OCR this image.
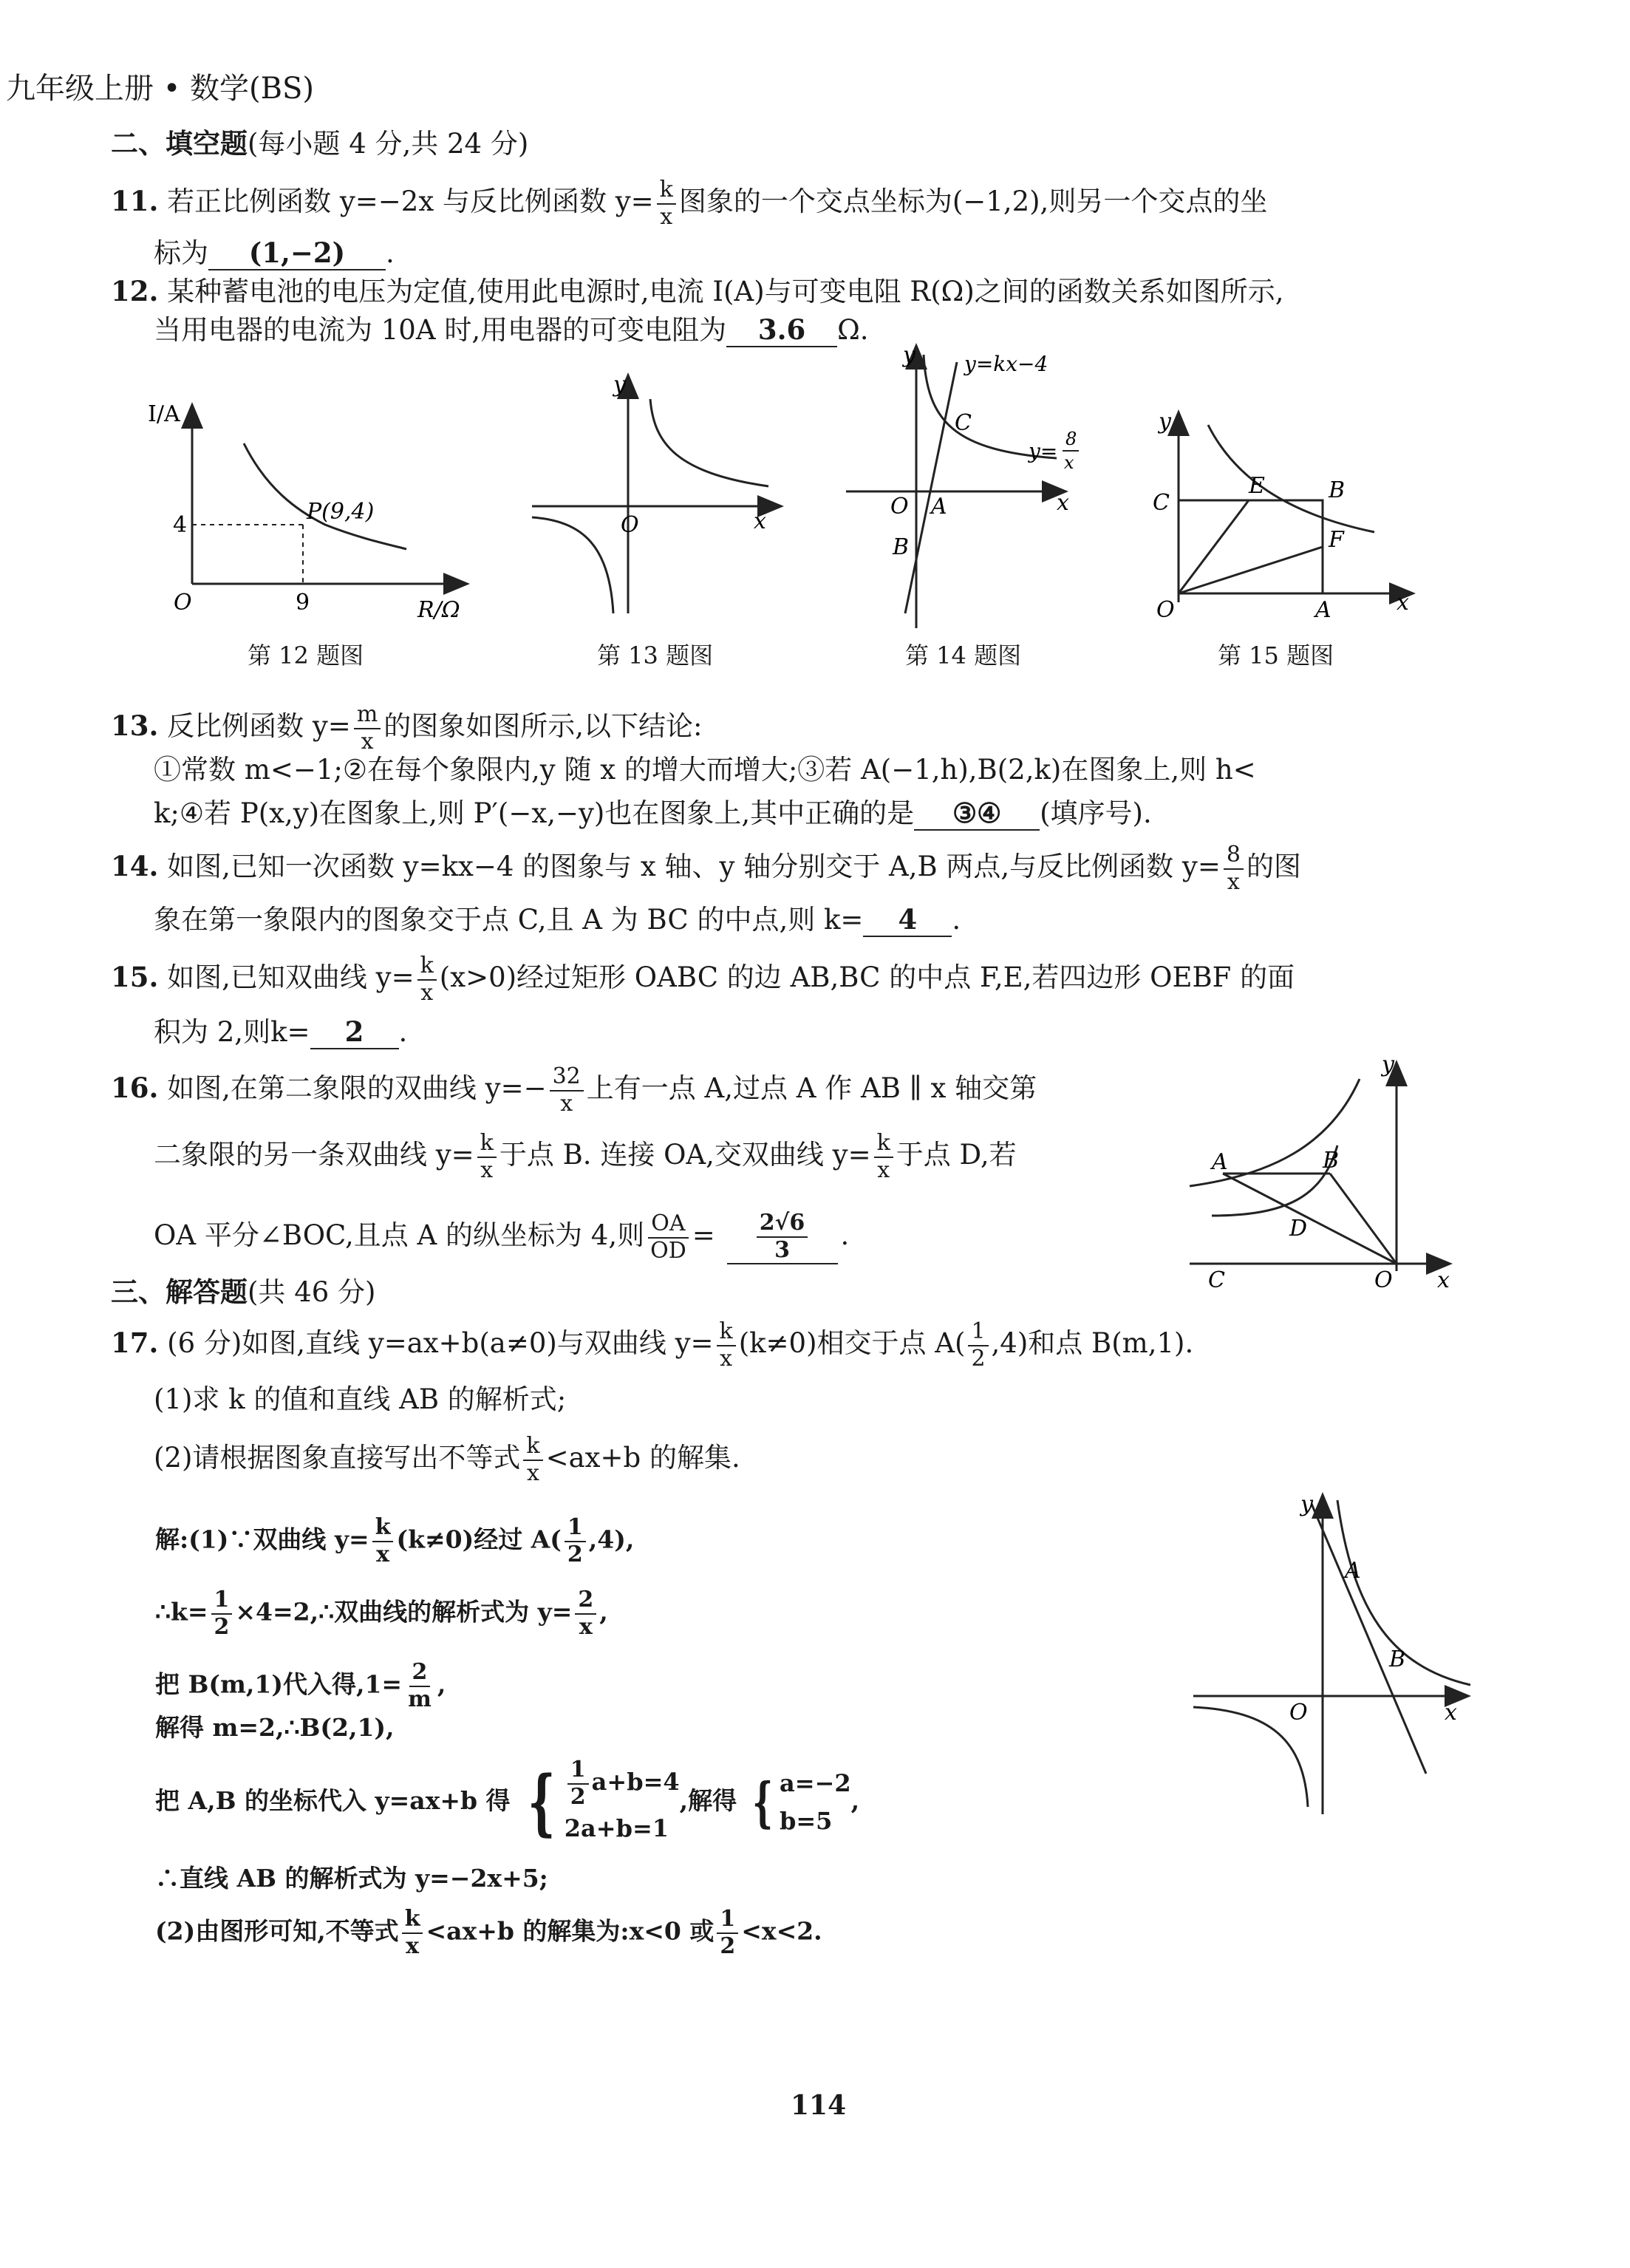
九年级上册 • 数学(BS)
二、填空题(每小题 4 分,共 24 分)
11. 若正比例函数 y=−2x 与反比例函数 $y= \frac{k}{x}$ 图象的一个交点坐标为(−1,2),则另一个交点的坐
标为 (1,−2) .
12. 某种蓄电池的电压为定值,使用此电源时,电流 I(A)与可变电阻 R(Ω)之间的函数关系如图所示,
当用电器的电流为 10A 时,用电器的可变电阻为 3.6 Ω.
I/A
R/Ω
O
P(9,4)
4
9
第 12 题图
y
x
O
第 13 题图
y
x
O A
B
C
y=kx−4
y= 8
x
第 14 题图
y
x
O	A
B
C
E
F
第 15 题图
13. 反比例函数 $y= \frac{m}{x}$ 的图象如图所示,以下结论:
①常数 m<−1;②在每个象限内,y 随 x 的增大而增大;③若 A(−1,h),B(2,k)在图象上,则 h<
k;④若 P(x,y)在图象上,则 P′(−x,−y)也在图象上,其中正确的是 ③④ (填序号).
14. 如图,已知一次函数 y=kx−4 的图象与 x 轴、y 轴分别交于 A,B 两点,与反比例函数 $y= \frac{8}{x}$ 的图
象在第一象限内的图象交于点 C,且 A 为 BC 的中点,则 k= 4 .
15. 如图,已知双曲线 $y= \frac{k}{x} (x>0)$经过矩形 OABC 的边 AB,BC 的中点 F,E,若四边形 OEBF 的面
积为 2,则k= 2 .
16. 如图,在第二象限的双曲线 $y=- \frac{32}{x}$ 上有一点 A,过点 A 作 AB ∥ x 轴交第
二象限的另一条双曲线 $y= \frac{k}{x}$ 于点 B. 连接 OA,交双曲线 $y= \frac{k}{x}$ 于点 D,若
OA 平分∠BOC,且点 A 的纵坐标为 4,则 $\frac{OA}{OD} = \frac{2√6}{3}$ .
y
x
O
A	B
C
D
三、解答题(共 46 分)
17. (6 分)如图,直线 y=ax+b(a≠0)与双曲线 $y= \frac{k}{x} (k\ne 0)$相交于点 $A( \frac{1}{2} ,4)$和点 B(m,1).
(1)求 k 的值和直线 AB 的解析式;
(2)请根据图象直接写出不等式 $\frac{k}{x} <ax+b$ 的解集.
解:(1)∵双曲线 $y= \frac{k}{x} (k\ne 0)$经过 $A( \frac{1}{2} ,4)$,
∴k= $\frac{1}{2}$ ×4=2,∴双曲线的解析式为 $y= \frac{2}{x}$ ,
把 B(m,1)代入得$,1= \frac{2}{m}$ ,
解得 m=2,∴B(2,1),
把 A,B 的坐标代入 y=ax+b 得 { $\frac{1}{2} a+b=4$
2a+b=1
,解得 { a=−2
b=5
,
∴直线 AB 的解析式为 y=−2x+5;
(2)由图形可知,不等式 $\frac{k}{x} <ax+b$ 的解集为:x<0 或 $\frac{1}{2} <x<2$.
y
x
O
A
B
114
